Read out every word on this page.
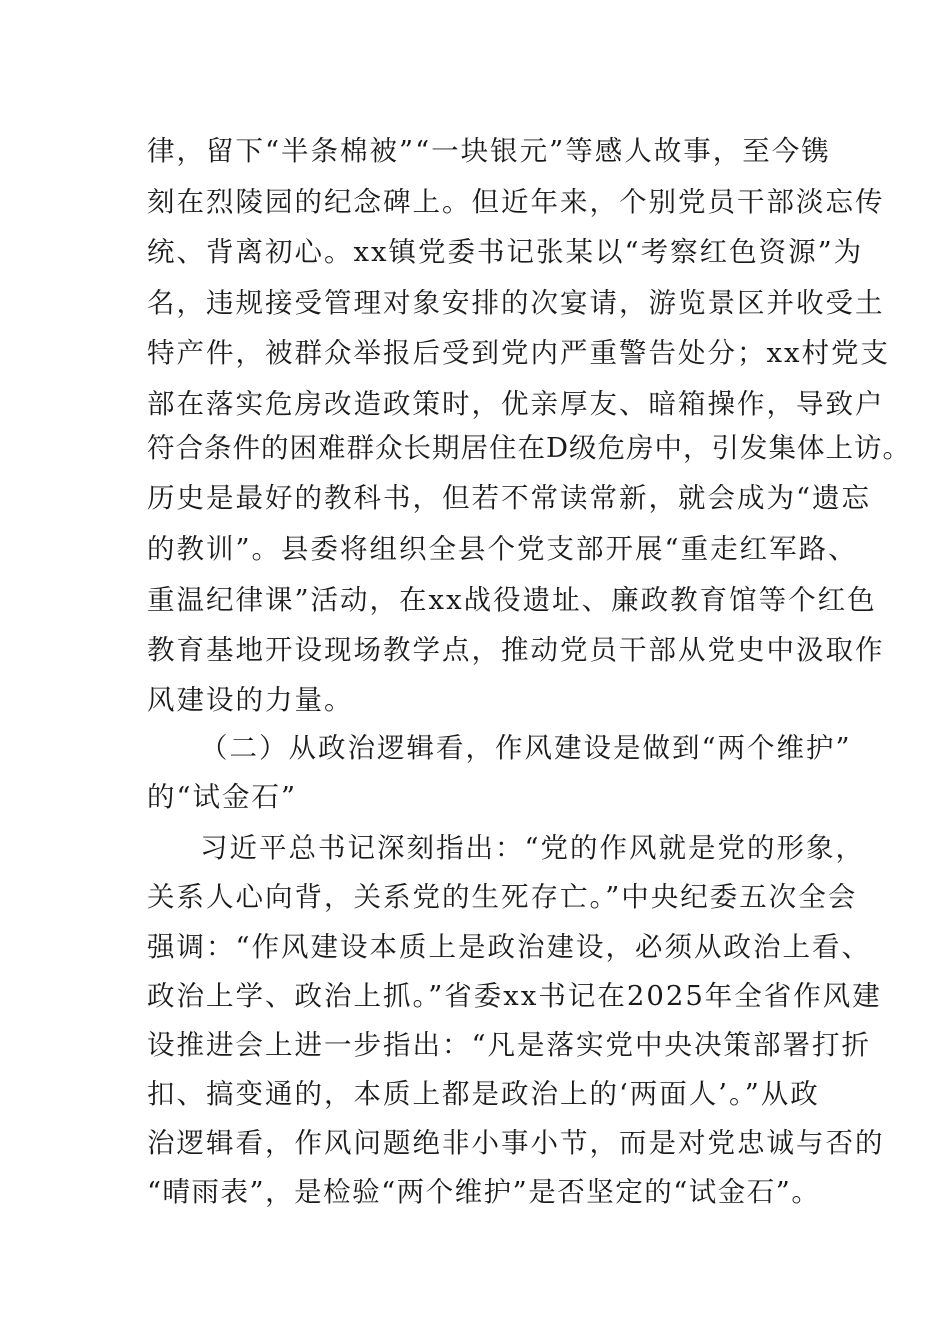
律，留下“半条棉被”“一块银元”等感人故事，至今镌
刻在烈陵园的纪念碑上。但近年来，个别党员干部淡忘传
统、背离初心。xx镇党委书记张某以“考察红色资源”为
名，违规接受管理对象安排的次宴请，游览景区并收受土
特产件，被群众举报后受到党内严重警告处分；xx村党支
部在落实危房改造政策时，优亲厚友、暗箱操作，导致户
符合条件的困难群众长期居住在D级危房中，引发集体上访。
历史是最好的教科书，但若不常读常新，就会成为“遗忘
的教训”。县委将组织全县个党支部开展“重走红军路、
重温纪律课”活动，在xx战役遗址、廉政教育馆等个红色
教育基地开设现场教学点，推动党员干部从党史中汲取作
风建设的力量。
（二）从政治逻辑看，作风建设是做到“两个维护”
的“试金石”
习近平总书记深刻指出：“党的作风就是党的形象，
关系人心向背，关系党的生死存亡。”中央纪委五次全会
强调：“作风建设本质上是政治建设，必须从政治上看、
政治上学、政治上抓。”省委xx书记在2025年全省作风建
设推进会上进一步指出：“凡是落实党中央决策部署打折
扣、搞变通的，本质上都是政治上的‘两面人’。”从政
治逻辑看，作风问题绝非小事小节，而是对党忠诚与否的
“晴雨表”，是检验“两个维护”是否坚定的“试金石”。
